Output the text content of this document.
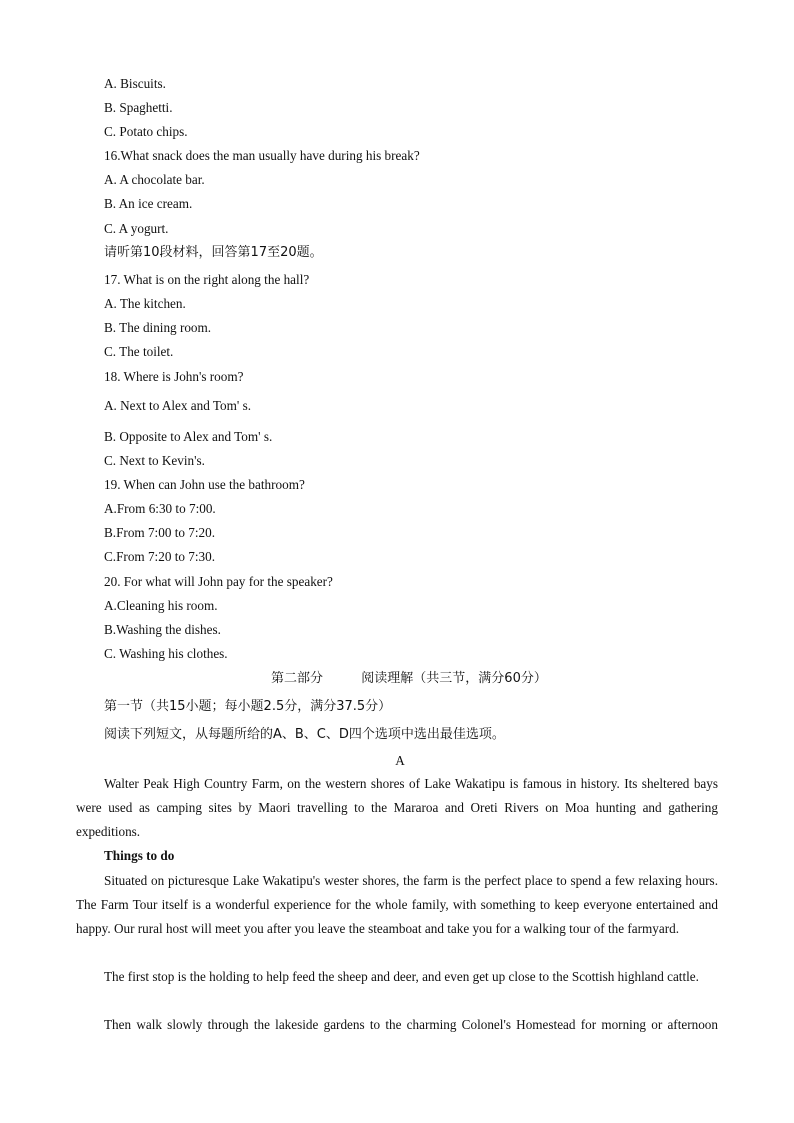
A. Biscuits.
B. Spaghetti.
C. Potato chips.
16.What snack does the man usually have during his break?
A. A chocolate bar.
B. An ice cream.
C. A yogurt.
请听第10段材料，回答第17至20题。
17. What is on the right along the hall?
A. The kitchen.
B. The dining room.
C. The toilet.
18. Where is John's room?
A. Next to Alex and Tom' s.
B. Opposite to Alex and Tom' s.
C. Next to Kevin's.
19. When can John use the bathroom?
A.From 6:30 to 7:00.
B.From 7:00 to 7:20.
C.From 7:20 to 7:30.
20. For what will John pay for the speaker?
A.Cleaning his room.
B.Washing the dishes.
C. Washing his clothes.
第二部分	阅读理解（共三节，满分60分）
第一节（共15小题；每小题2.5分，满分37.5分）
阅读下列短文，从每题所给的A、B、C、D四个选项中选出最佳选项。
A
Walter Peak High Country Farm, on the western shores of Lake Wakatipu is famous in history. Its sheltered bays were used as camping sites by Maori travelling to the Mararoa and Oreti Rivers on Moa hunting and gathering expeditions.
Things to do
Situated on picturesque Lake Wakatipu's wester shores, the farm is the perfect place to spend a few relaxing hours. The Farm Tour itself is a wonderful experience for the whole family, with something to keep everyone entertained and happy. Our rural host will meet you after you leave the steamboat and take you for a walking tour of the farmyard.
The first stop is the holding to help feed the sheep and deer, and even get up close to the Scottish highland cattle.
Then walk slowly through the lakeside gardens to the charming Colonel's Homestead for morning or afternoon
